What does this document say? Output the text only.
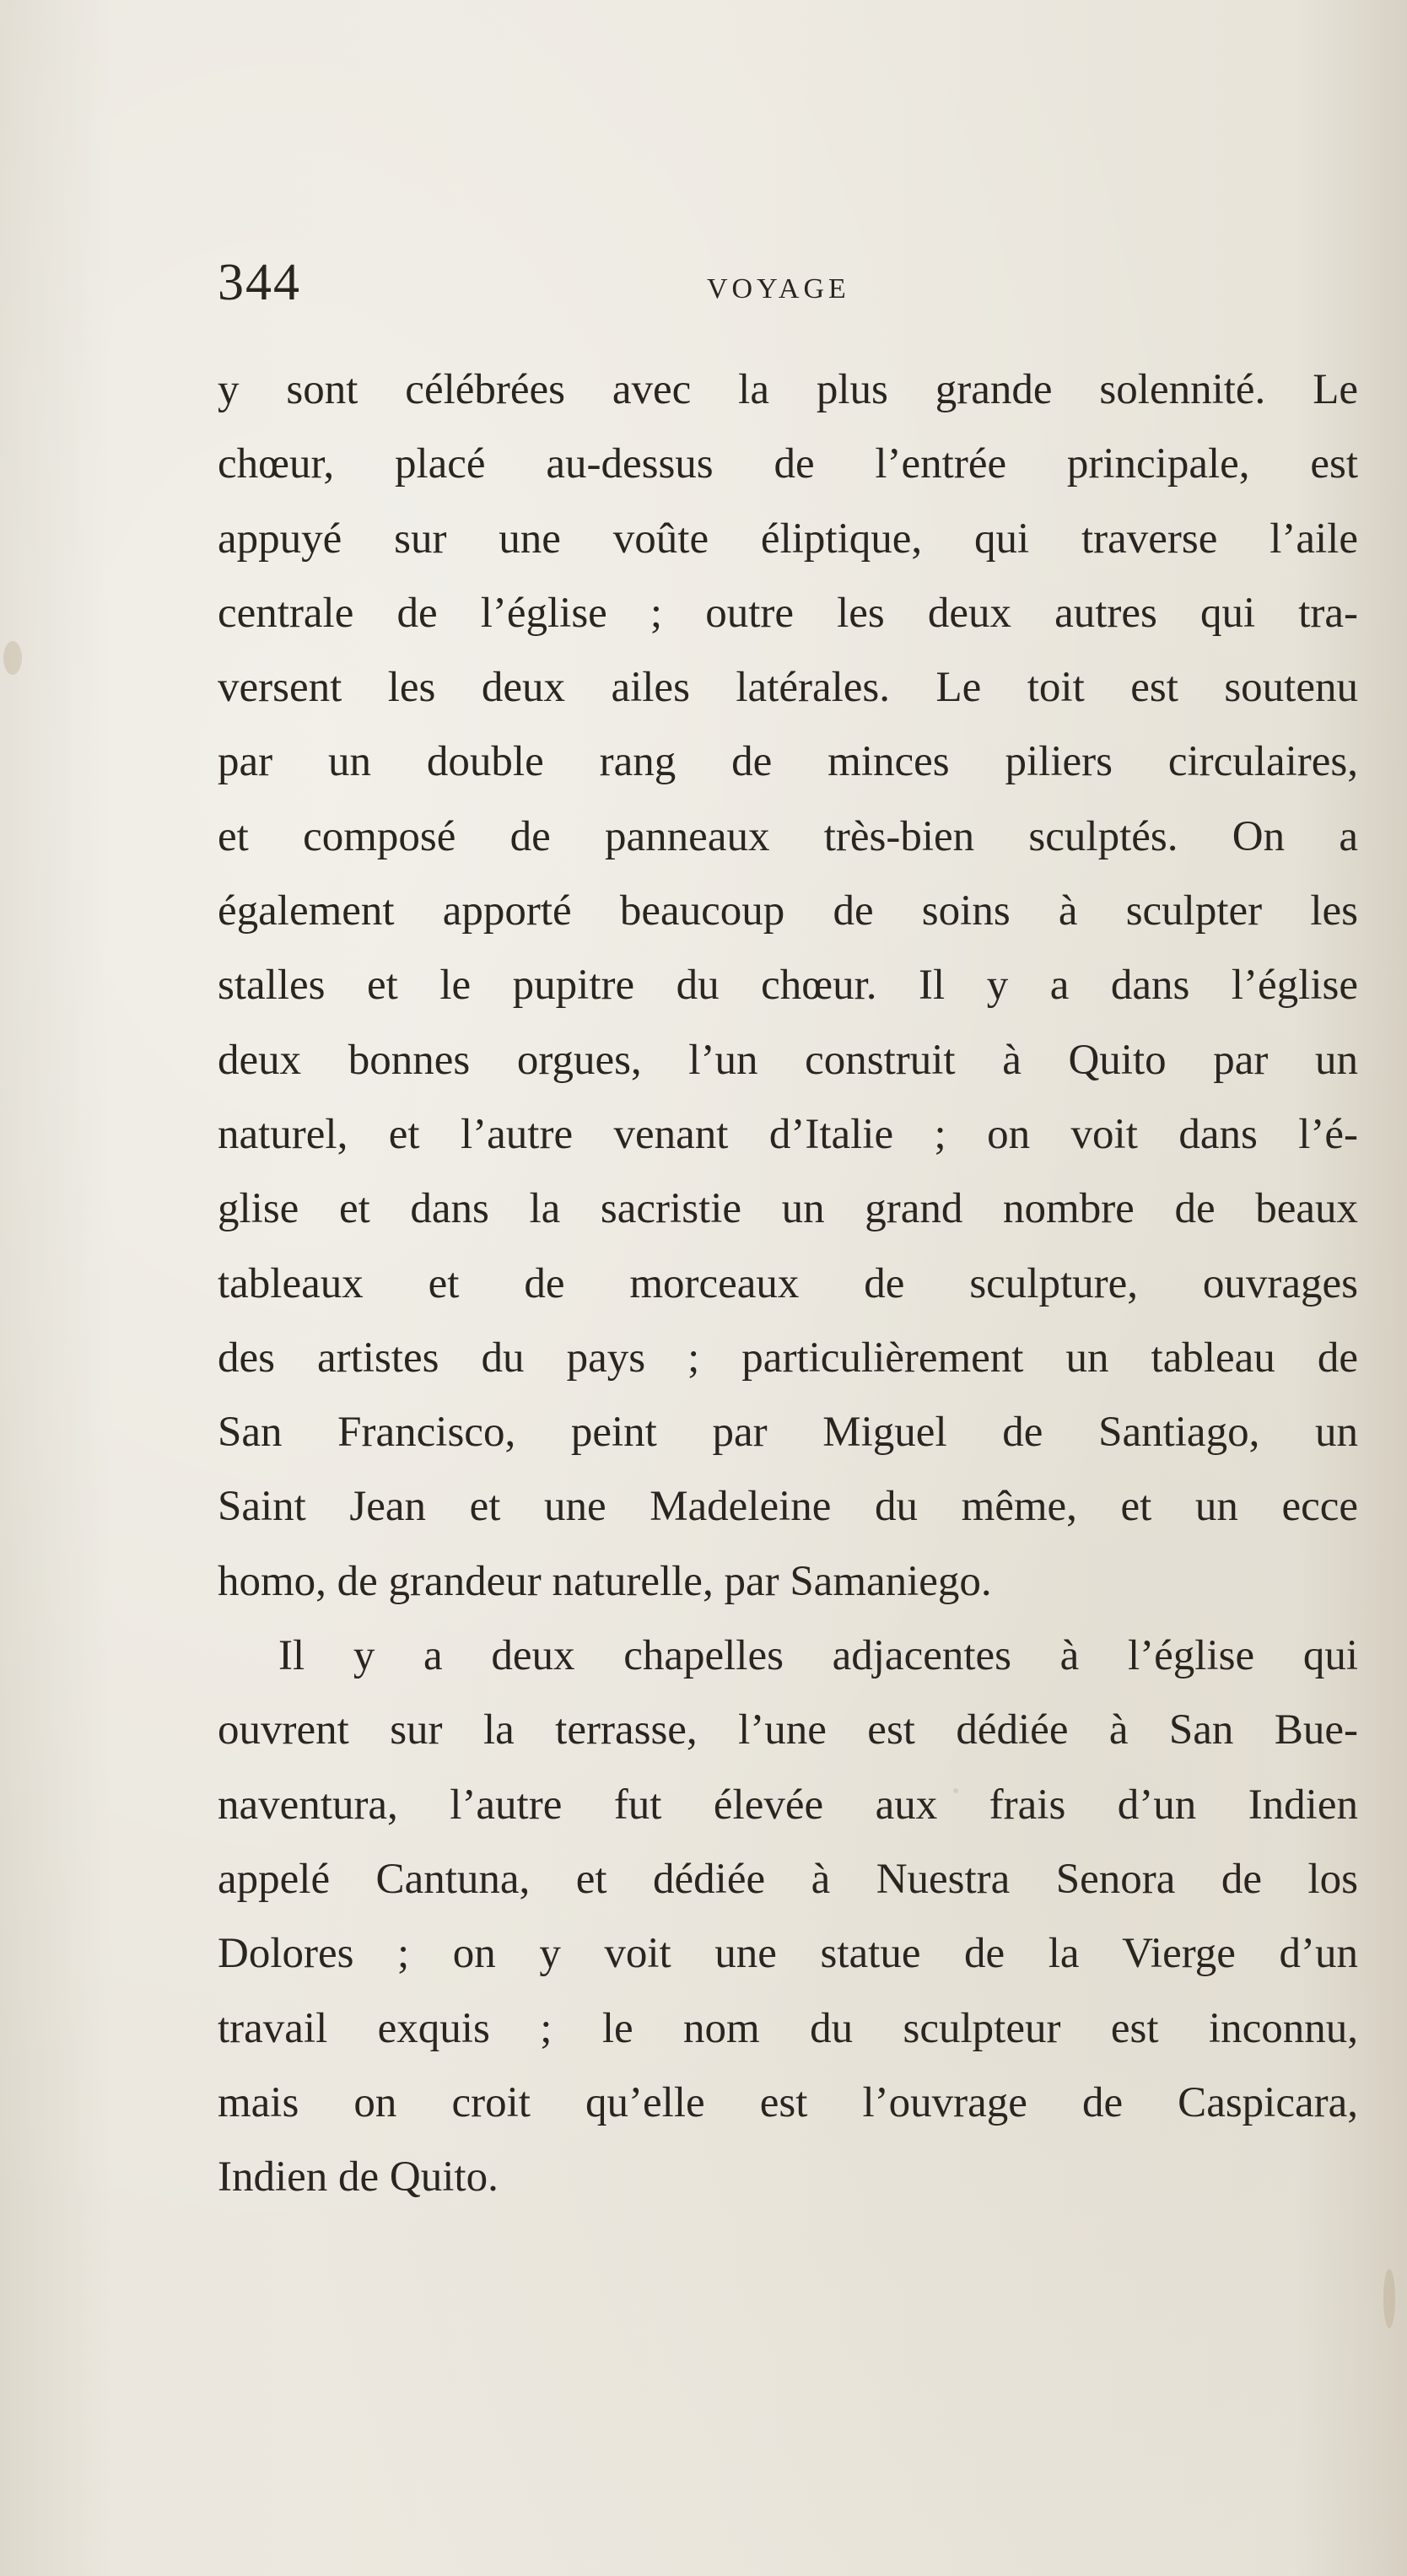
344	VOYAGE
y sont célébrées avec la plus grande solennité. Le
chœur, placé au-dessus de l’entrée principale, est
appuyé sur une voûte éliptique, qui traverse l’aile
centrale de l’église ; outre les deux autres qui tra-
versent les deux ailes latérales. Le toit est soutenu
par un double rang de minces piliers circulaires,
et composé de panneaux très-bien sculptés. On a
également apporté beaucoup de soins à sculpter les
stalles et le pupitre du chœur. Il y a dans l’église
deux bonnes orgues, l’un construit à Quito par un
naturel, et l’autre venant d’Italie ; on voit dans l’é-
glise et dans la sacristie un grand nombre de beaux
tableaux et de morceaux de sculpture, ouvrages
des artistes du pays ; particulièrement un tableau de
San Francisco, peint par Miguel de Santiago, un
Saint Jean et une Madeleine du même, et un ecce
homo, de grandeur naturelle, par Samaniego.
Il y a deux chapelles adjacentes à l’église qui
ouvrent sur la terrasse, l’une est dédiée à San Bue-
naventura, l’autre fut élevée aux frais d’un Indien
appelé Cantuna, et dédiée à Nuestra Senora de los
Dolores ; on y voit une statue de la Vierge d’un
travail exquis ; le nom du sculpteur est inconnu,
mais on croit qu’elle est l’ouvrage de Caspicara,
Indien de Quito.
